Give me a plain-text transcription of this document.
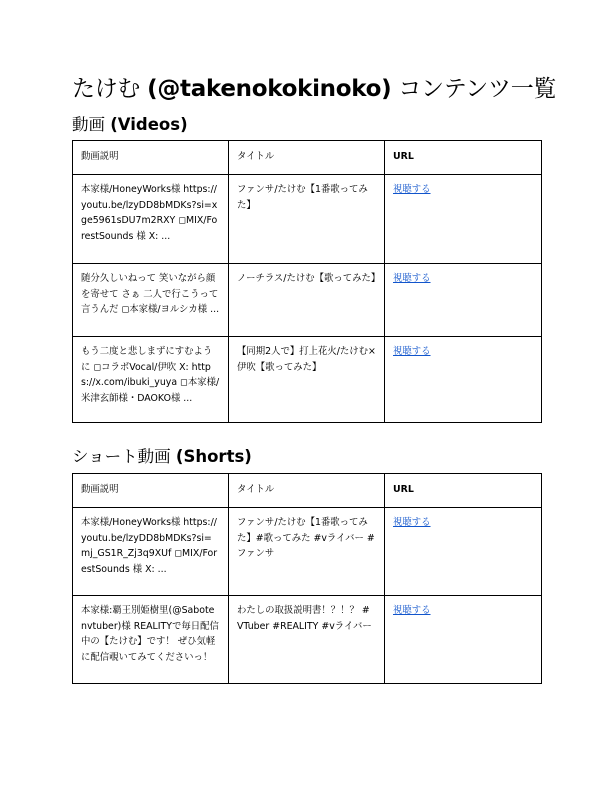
たけむ (@takenokokinoko) コンテンツ一覧
動画 (Videos)
動画説明	タイトル	URL
本家様/HoneyWorks様 https://youtu.be/lzyDD8bMDKs?si=xge5961sDU7m2RXY ◻MIX/ForestSounds 様 X: ...	ファンサ/たけむ【1番歌ってみた】	視聴する
随分久しいねって 笑いながら顔を寄せて さぁ 二人で行こうって言うんだ ◻本家様/ヨルシカ様 ...	ノーチラス/たけむ【歌ってみた】	視聴する
もう二度と悲しまずにすむように ◻コラボVocal/伊吹 X: https://x.com/ibuki_yuya ◻本家様/米津玄師様・DAOKO様 ...	【同期2人で】打上花火/たけむ×伊吹【歌ってみた】	視聴する
ショート動画 (Shorts)
動画説明	タイトル	URL
本家様/HoneyWorks様 https://youtu.be/lzyDD8bMDKs?si=mj_GS1R_Zj3q9XUf ◻MIX/ForestSounds 様 X: ...	ファンサ/たけむ【1番歌ってみた】#歌ってみた #vライバー #ファンサ	視聴する
本家様:覇王別姫樹里(@Sabotenvtuber)様 REALITYで毎日配信中の【たけむ】です！ ぜひ気軽に配信覗いてみてくださいっ！	わたしの取扱説明書！？！？ #VTuber #REALITY #vライバー	視聴する
